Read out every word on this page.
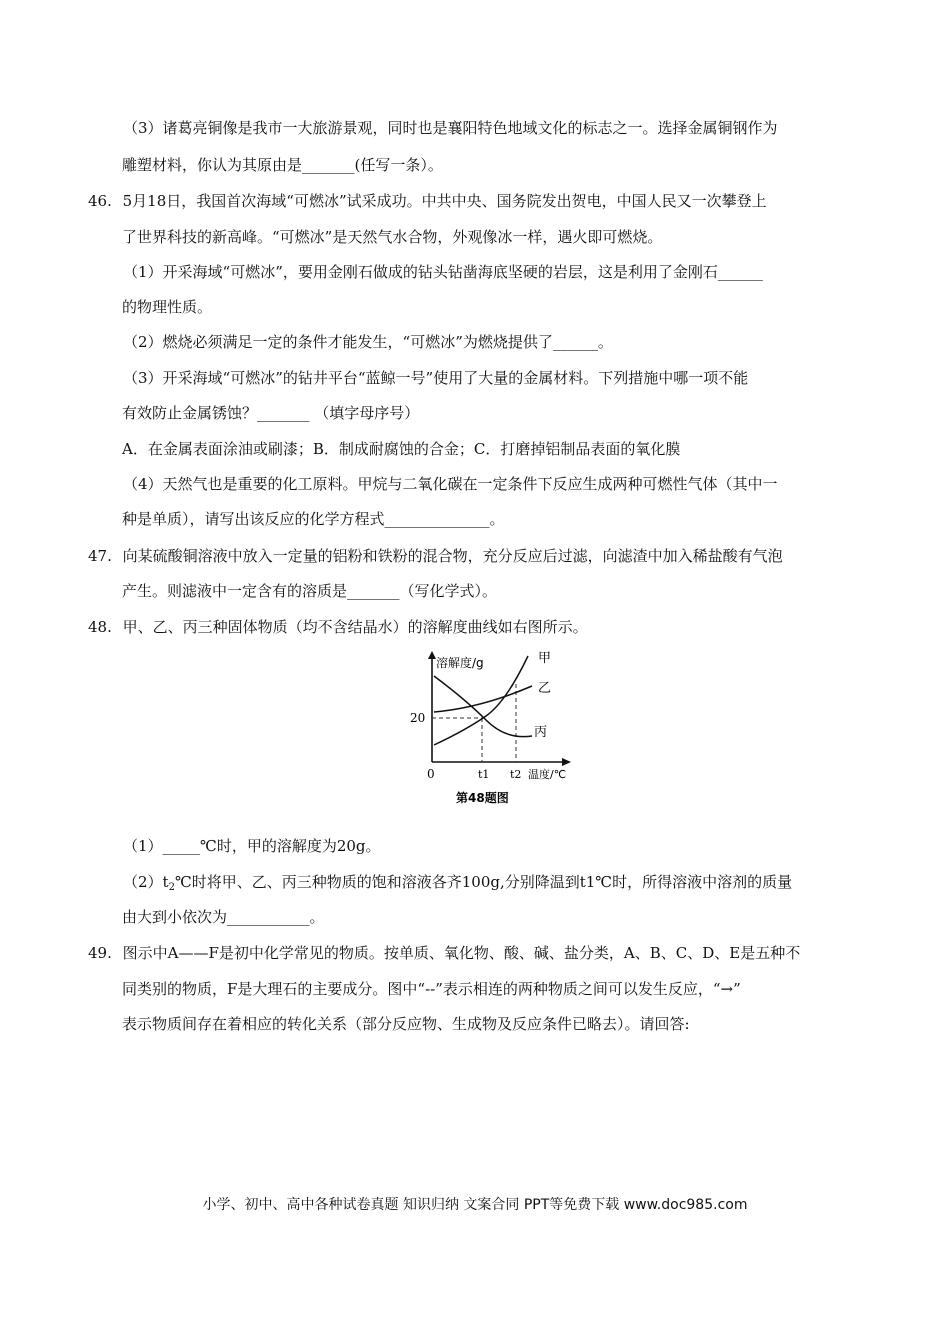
（3）诸葛亮铜像是我市一大旅游景观，同时也是襄阳特色地域文化的标志之一。选择金属铜钢作为
雕塑材料，你认为其原由是_______(任写一条）。
46. 5月18日，我国首次海域“可燃冰”试采成功。中共中央、国务院发出贺电，中国人民又一次攀登上
了世界科技的新高峰。“可燃冰”是天然气水合物，外观像冰一样，遇火即可燃烧。
（1）开采海域“可燃冰”，要用金刚石做成的钻头钻凿海底坚硬的岩层，这是利用了金刚石______
的物理性质。
（2）燃烧必须满足一定的条件才能发生，“可燃冰”为燃烧提供了______。
（3）开采海域“可燃冰”的钻井平台“蓝鲸一号”使用了大量的金属材料。下列措施中哪一项不能
有效防止金属锈蚀？_______ （填字母序号）
A．在金属表面涂油或刷漆；B．制成耐腐蚀的合金；C．打磨掉铝制品表面的氧化膜
（4）天然气也是重要的化工原料。甲烷与二氧化碳在一定条件下反应生成两种可燃性气体（其中一
种是单质），请写出该反应的化学方程式______________。
47. 向某硫酸铜溶液中放入一定量的铝粉和铁粉的混合物，充分反应后过滤，向滤渣中加入稀盐酸有气泡
产生。则滤液中一定含有的溶质是_______（写化学式）。
48. 甲、乙、丙三种固体物质（均不含结晶水）的溶解度曲线如右图所示。
溶解度/g	甲
乙
丙
20
0	t1 t2 温度/℃
第48题图
（1）_____℃时，甲的溶解度为20g。
$(2)t_2℃$时将甲、乙、丙三种物质的饱和溶液各齐100g,分别降温到t1℃时，所得溶液中溶剂的质量
由大到小依次为___________。
49. 图示中A——F是初中化学常见的物质。按单质、氧化物、酸、碱、盐分类，A、B、C、D、E是五种不
同类别的物质，F是大理石的主要成分。图中“--”表示相连的两种物质之间可以发生反应，“→”
表示物质间存在着相应的转化关系（部分反应物、生成物及反应条件已略去）。请回答:
小学、初中、高中各种试卷真题 知识归纳 文案合同 PPT等免费下载 www.doc985.com
